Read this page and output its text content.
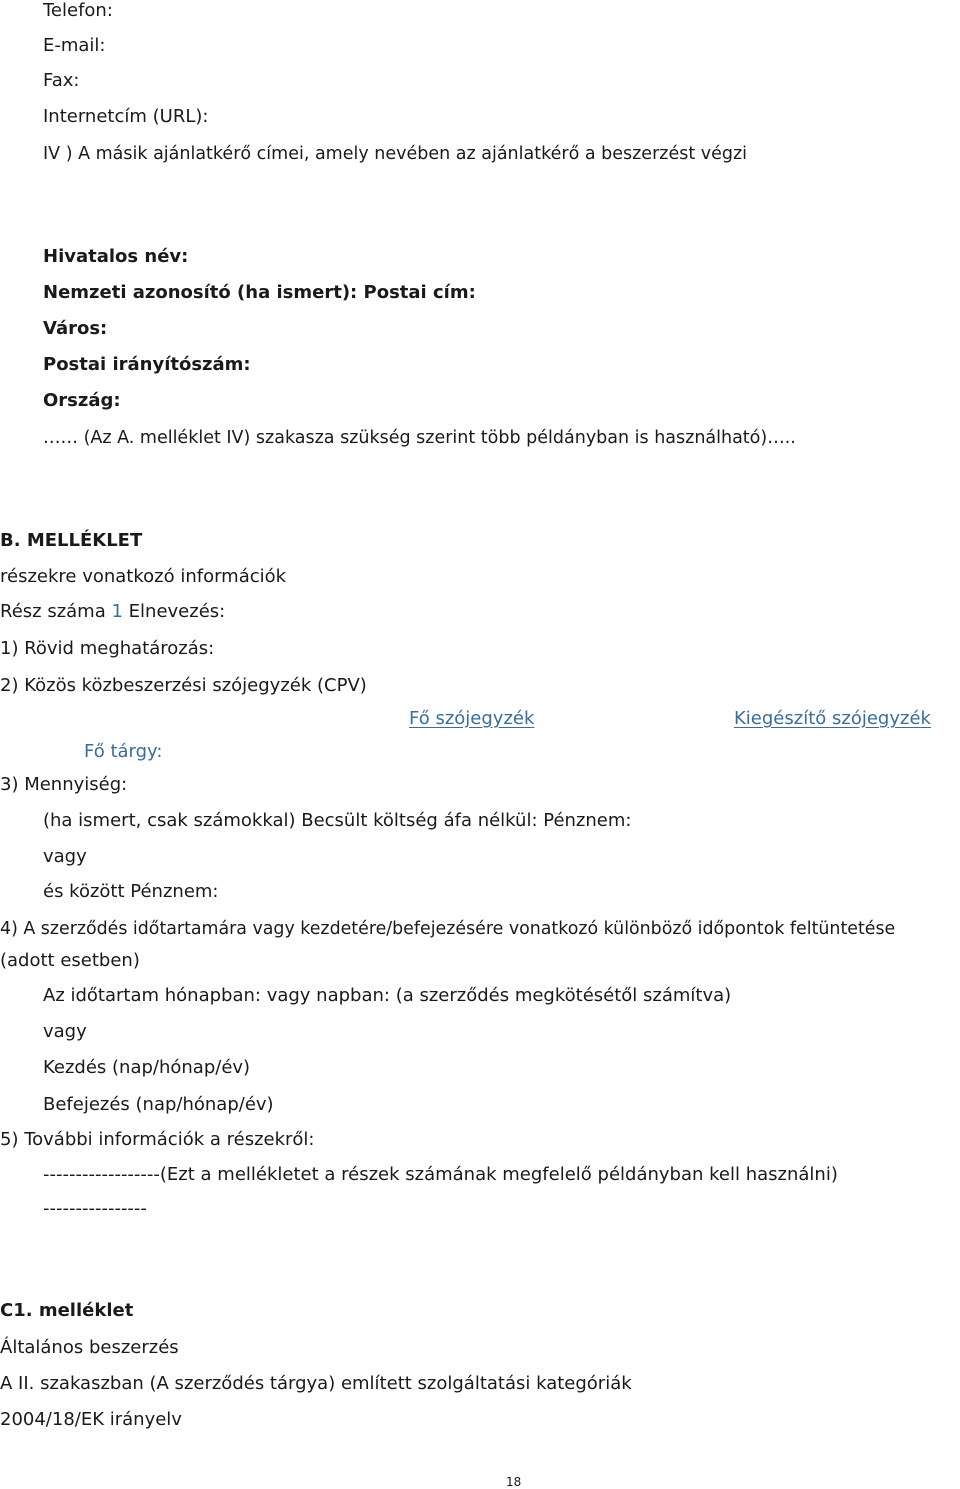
Telefon:
E-mail:
Fax:
Internetcím (URL):
IV ) A másik ajánlatkérő címei, amely nevében az ajánlatkérő a beszerzést végzi
Hivatalos név:
Nemzeti azonosító (ha ismert): Postai cím:
Város:
Postai irányítószám:
Ország:
…… (Az A. melléklet IV) szakasza szükség szerint több példányban is használható)…..
B. MELLÉKLET
részekre vonatkozó információk
Rész száma 1 Elnevezés:
1) Rövid meghatározás:
2) Közös közbeszerzési szójegyzék (CPV)
Fő szójegyzék	Kiegészítő szójegyzék
Fő tárgy:
3) Mennyiség:
(ha ismert, csak számokkal) Becsült költség áfa nélkül: Pénznem:
vagy
és között Pénznem:
4) A szerződés időtartamára vagy kezdetére/befejezésére vonatkozó különböző időpontok feltüntetése
(adott esetben)
Az időtartam hónapban: vagy napban: (a szerződés megkötésétől számítva)
vagy
Kezdés (nap/hónap/év)
Befejezés (nap/hónap/év)
5) További információk a részekről:
------------------(Ezt a mellékletet a részek számának megfelelő példányban kell használni)
----------------
C1. melléklet
Általános beszerzés
A II. szakaszban (A szerződés tárgya) említett szolgáltatási kategóriák
2004/18/EK irányelv
18
